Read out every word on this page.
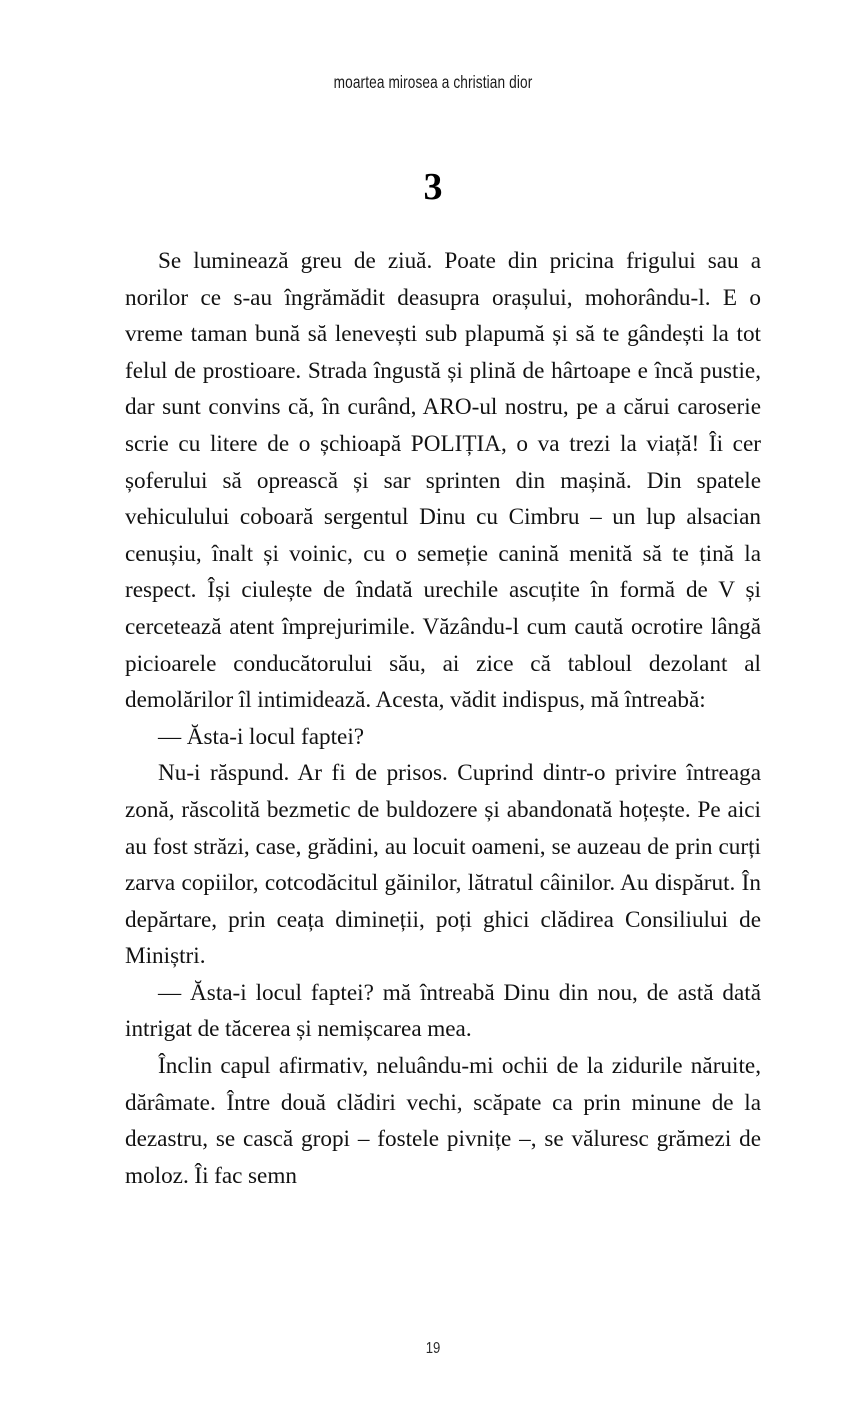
moartea mirosea a christian dior
3

Se luminează greu de ziuă. Poate din pricina frigului sau a norilor ce s-au îngrămădit deasupra orașului, mohorându-l. E o vreme taman bună să lenevești sub plapumă și să te gândești la tot felul de prostioare. Strada îngustă și plină de hârtoape e încă pustie, dar sunt convins că, în curând, ARO-ul nostru, pe a cărui caroserie scrie cu litere de o șchioapă POLIȚIA, o va trezi la viață! Îi cer șoferului să oprească și sar sprinten din mașină. Din spatele vehiculului coboară sergentul Dinu cu Cimbru – un lup alsacian cenușiu, înalt și voinic, cu o semeție canină menită să te țină la respect. Își ciulește de îndată urechile ascuțite în formă de V și cercetează atent împrejurimile. Văzându-l cum caută ocrotire lângă picioarele conducătorului său, ai zice că tabloul dezolant al demolărilor îl intimidează. Acesta, vădit indispus, mă întreabă:

— Ăsta-i locul faptei?

Nu-i răspund. Ar fi de prisos. Cuprind dintr-o privire întreaga zonă, răscolită bezmetic de buldozere și abandonată hoțește. Pe aici au fost străzi, case, grădini, au locuit oameni, se auzeau de prin curți zarva copiilor, cotcodăcitul găinilor, lătratul câinilor. Au dispărut. În depărtare, prin ceața dimineții, poți ghici clădirea Consiliului de Miniștri.

— Ăsta-i locul faptei? mă întreabă Dinu din nou, de astă dată intrigat de tăcerea și nemișcarea mea.

Înclin capul afirmativ, neluându-mi ochii de la zidurile năruite, dărâmate. Între două clădiri vechi, scăpate ca prin minune de la dezastru, se cască gropi – fostele pivnițe –, se văluresc grămezi de moloz. Îi fac semn

19
